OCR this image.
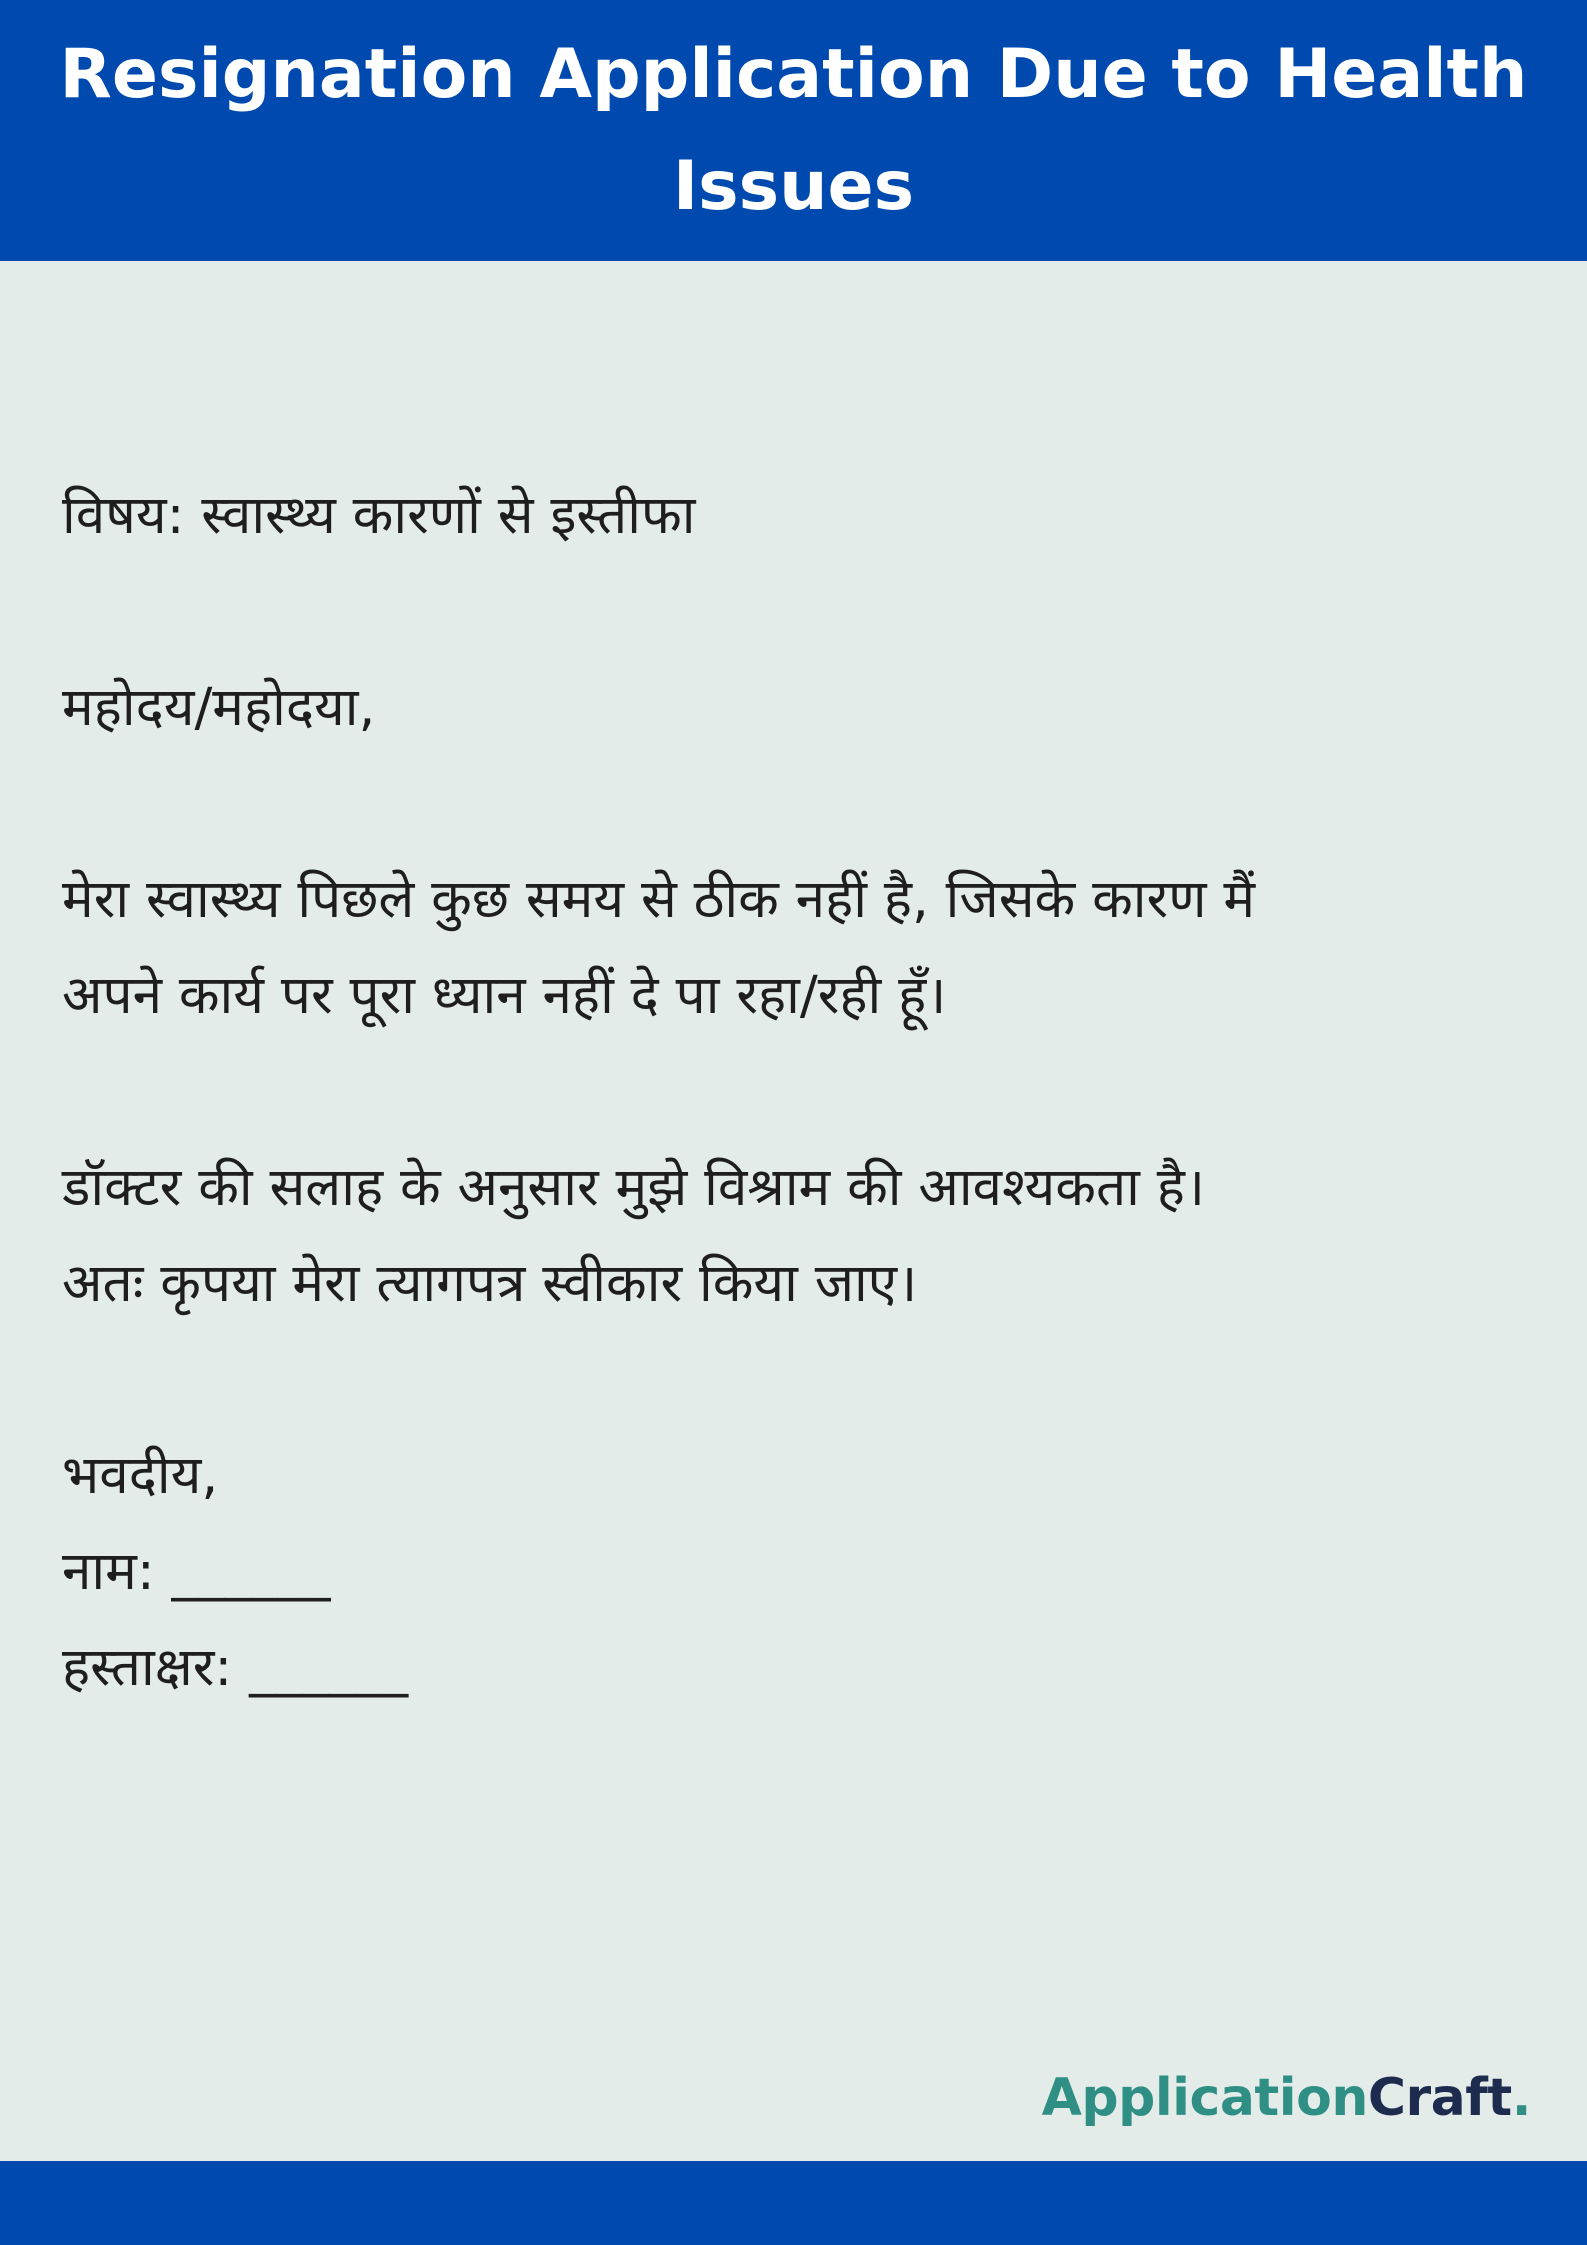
Resignation Application Due to Health Issues

विषय: स्वास्थ्य कारणों से इस्तीफा

महोदय/महोदया,

मेरा स्वास्थ्य पिछले कुछ समय से ठीक नहीं है, जिसके कारण मैं

अपने कार्य पर पूरा ध्यान नहीं दे पा रहा/रही हूँ।

डॉक्टर की सलाह के अनुसार मुझे विश्राम की आवश्यकता है।

अतः कृपया मेरा त्यागपत्र स्वीकार किया जाए।

भवदीय,

नाम: ______

हस्ताक्षर: ______

ApplicationCraft.
